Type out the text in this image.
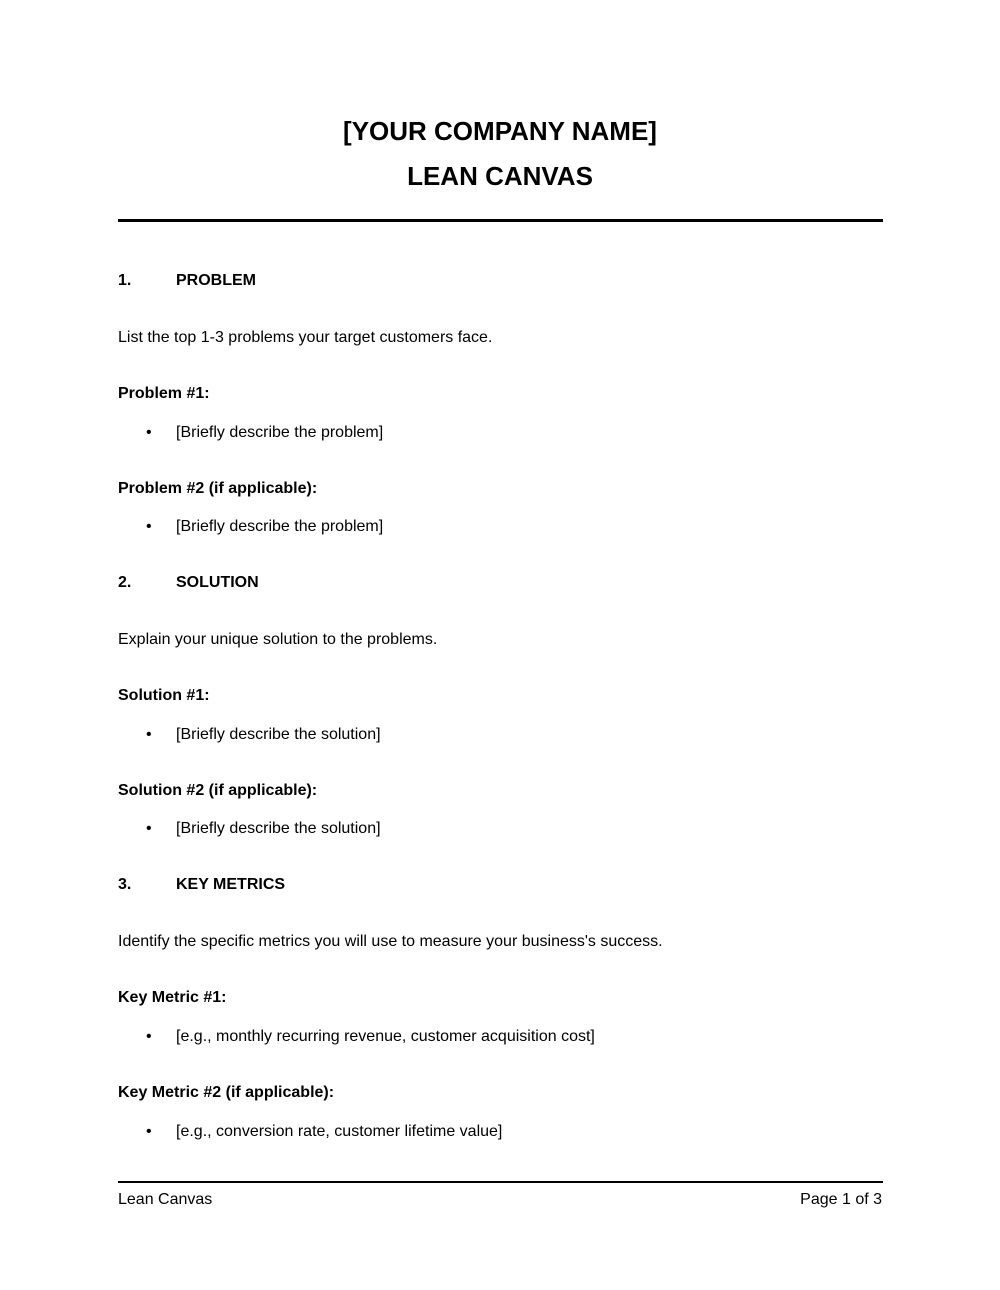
[YOUR COMPANY NAME]
LEAN CANVAS
1.	PROBLEM
List the top 1-3 problems your target customers face.
Problem #1:
• [Briefly describe the problem]
Problem #2 (if applicable):
• [Briefly describe the problem]
2.	SOLUTION
Explain your unique solution to the problems.
Solution #1:
• [Briefly describe the solution]
Solution #2 (if applicable):
• [Briefly describe the solution]
3.	KEY METRICS
Identify the specific metrics you will use to measure your business's success.
Key Metric #1:
• [e.g., monthly recurring revenue, customer acquisition cost]
Key Metric #2 (if applicable):
• [e.g., conversion rate, customer lifetime value]
Lean Canvas	Page 1 of 3
